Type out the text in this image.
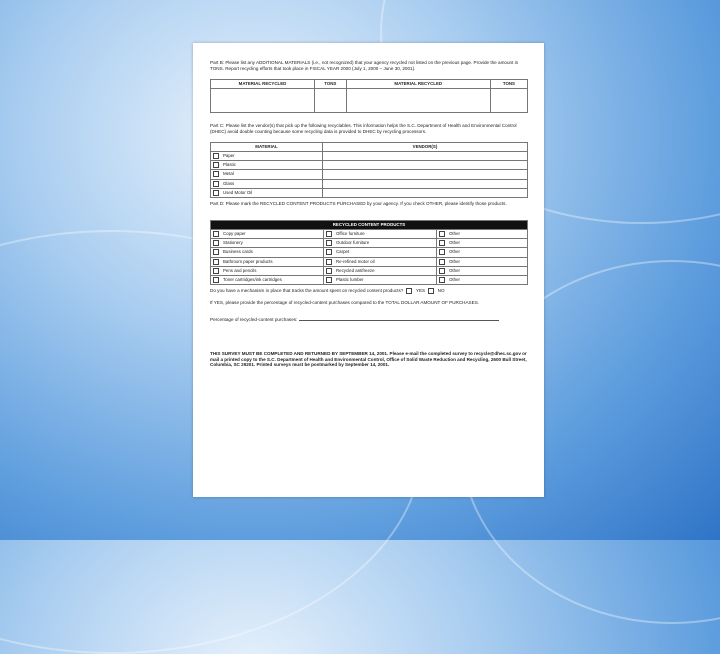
Part B: Please list any ADDITIONAL MATERIALS (i.e., not recognized) that your agency recycled not listed on the previous page. Provide the amount in TONS. Report recycling efforts that took place in FISCAL YEAR 2000 (July 1, 2000 – June 30, 2001).
MATERIAL RECYCLED	TONS	MATERIAL RECYCLED	TONS

Part C: Please list the vendor(s) that pick up the following recyclables. This information helps the S.C. Department of Health and Environmental Control (DHEC) avoid double counting because some recycling data is provided to DHEC by recycling processors.
MATERIAL	VENDOR(S)
Paper	
Plastic	
Metal	
Glass	
Used Motor Oil	
Part D: Please mark the RECYCLED CONTENT PRODUCTS PURCHASED by your agency. If you check OTHER, please identify those products.
RECYCLED CONTENT PRODUCTS		
Copy paper	Office furniture	Other
Stationery	Outdoor furniture	Other
Business cards	Carpet	Other
Bathroom paper products	Re-refined motor oil	Other
Pens and pencils	Recycled antifreeze	Other
Toner cartridges/ink cartridges	Plastic lumber	Other
Do you have a mechanism in place that tracks the amount spent on recycled content products?	YES	NO
If YES, please provide the percentage of recycled-content purchases compared to the TOTAL DOLLAR AMOUNT OF PURCHASES.
Percentage of recycled-content purchases:
THIS SURVEY MUST BE COMPLETED AND RETURNED BY SEPTEMBER 14, 2001. Please e-mail the completed survey to recycle@dhec.sc.gov or mail a printed copy to the S.C. Department of Health and Environmental Control, Office of Solid Waste Reduction and Recycling, 2600 Bull Street, Columbia, SC 29201. Printed surveys must be postmarked by September 14, 2001.
